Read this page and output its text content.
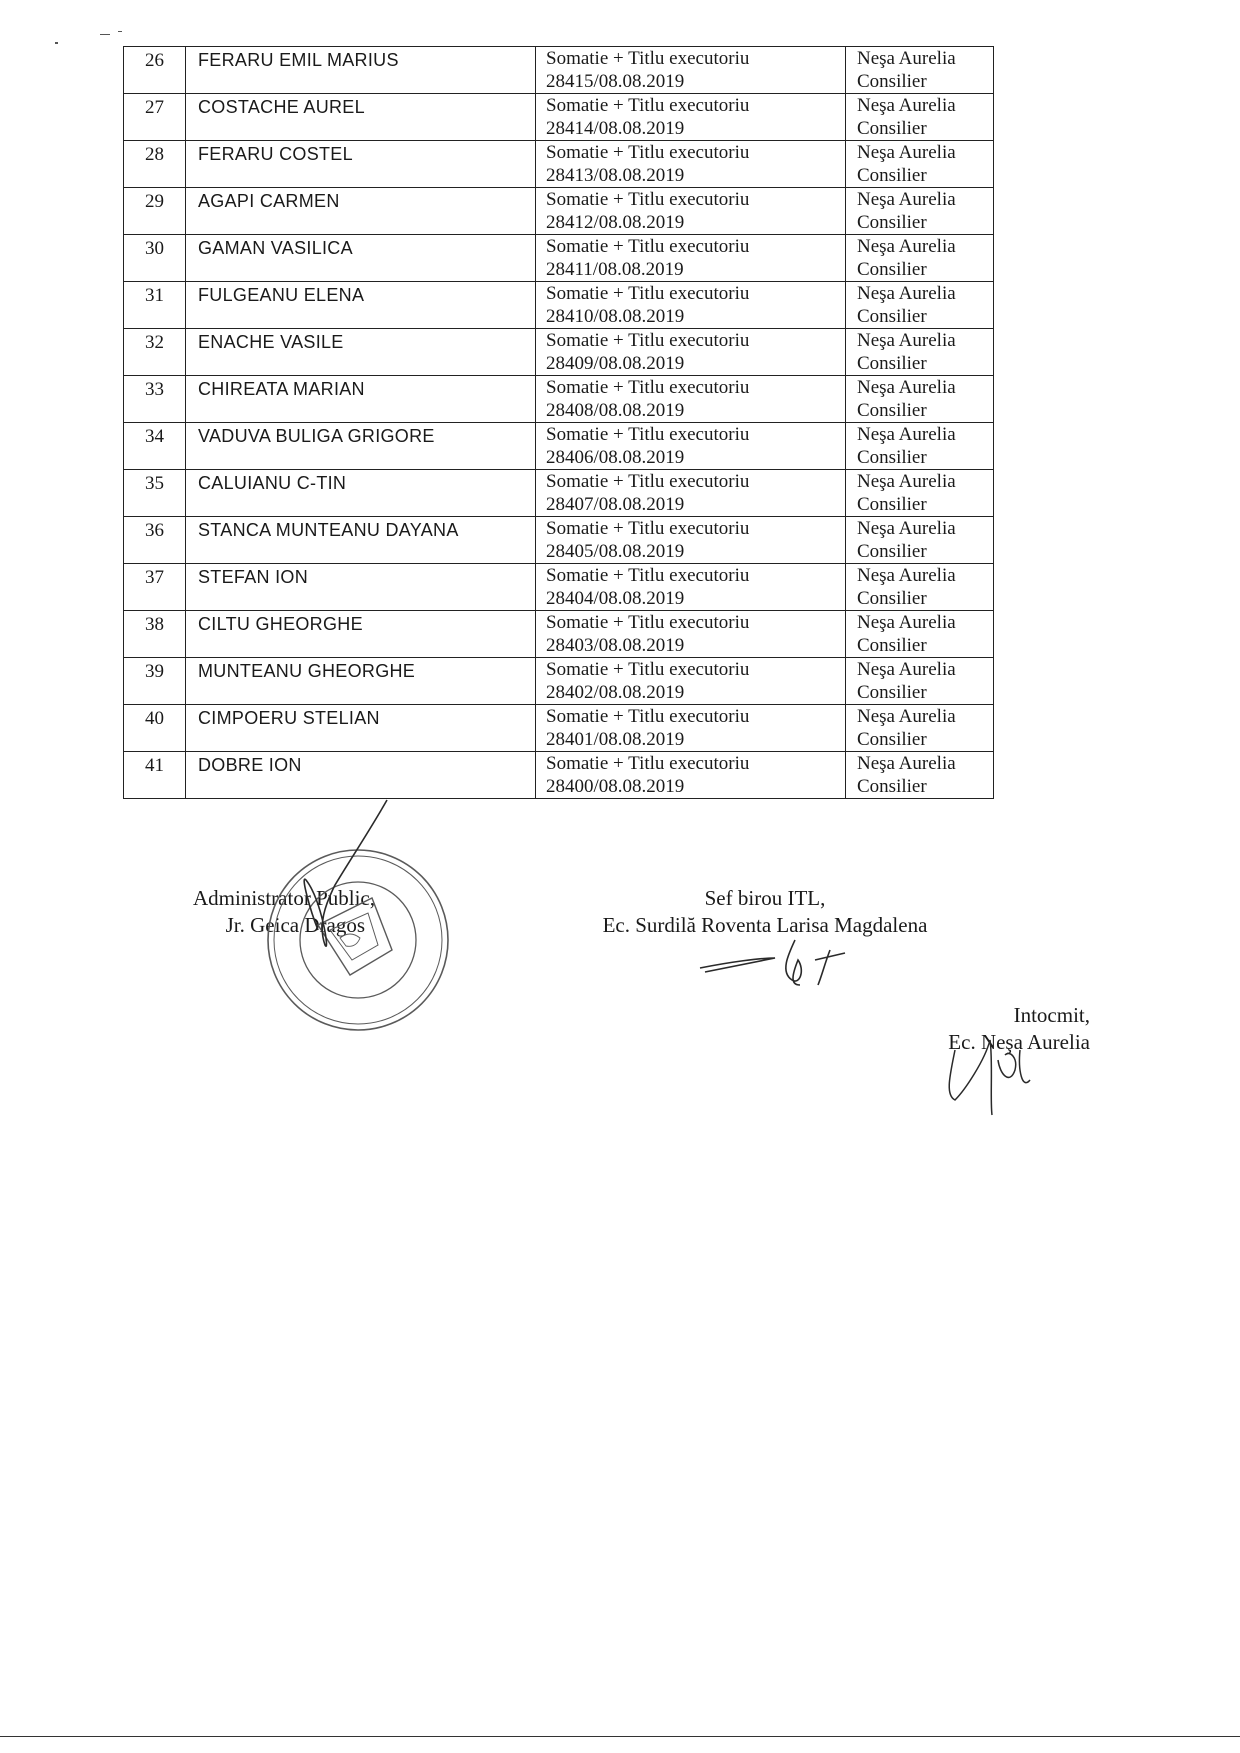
26	FERARU EMIL MARIUS	Somatie + Titlu executoriu
28415/08.08.2019	Neşa Aurelia
Consilier

27	COSTACHE AUREL	Somatie + Titlu executoriu
28414/08.08.2019	Neşa Aurelia
Consilier

28	FERARU COSTEL	Somatie + Titlu executoriu
28413/08.08.2019	Neşa Aurelia
Consilier

29	AGAPI CARMEN	Somatie + Titlu executoriu
28412/08.08.2019	Neşa Aurelia
Consilier

30	GAMAN VASILICA	Somatie + Titlu executoriu
28411/08.08.2019	Neşa Aurelia
Consilier

31	FULGEANU ELENA	Somatie + Titlu executoriu
28410/08.08.2019	Neşa Aurelia
Consilier

32	ENACHE VASILE	Somatie + Titlu executoriu
28409/08.08.2019	Neşa Aurelia
Consilier

33	CHIREATA MARIAN	Somatie + Titlu executoriu
28408/08.08.2019	Neşa Aurelia
Consilier

34	VADUVA BULIGA GRIGORE	Somatie + Titlu executoriu
28406/08.08.2019	Neşa Aurelia
Consilier

35	CALUIANU C-TIN	Somatie + Titlu executoriu
28407/08.08.2019	Neşa Aurelia
Consilier

36	STANCA MUNTEANU DAYANA	Somatie + Titlu executoriu
28405/08.08.2019	Neşa Aurelia
Consilier

37	STEFAN ION	Somatie + Titlu executoriu
28404/08.08.2019	Neşa Aurelia
Consilier

38	CILTU GHEORGHE	Somatie + Titlu executoriu
28403/08.08.2019	Neşa Aurelia
Consilier

39	MUNTEANU GHEORGHE	Somatie + Titlu executoriu
28402/08.08.2019	Neşa Aurelia
Consilier

40	CIMPOERU STELIAN	Somatie + Titlu executoriu
28401/08.08.2019	Neşa Aurelia
Consilier

41	DOBRE ION	Somatie + Titlu executoriu
28400/08.08.2019	Neşa Aurelia
Consilier
Administrator Public,
Jr. Geica Dragos
Sef birou ITL,
Ec. Surdilă Roventa Larisa Magdalena
Intocmit,
Ec. Neşa Aurelia
